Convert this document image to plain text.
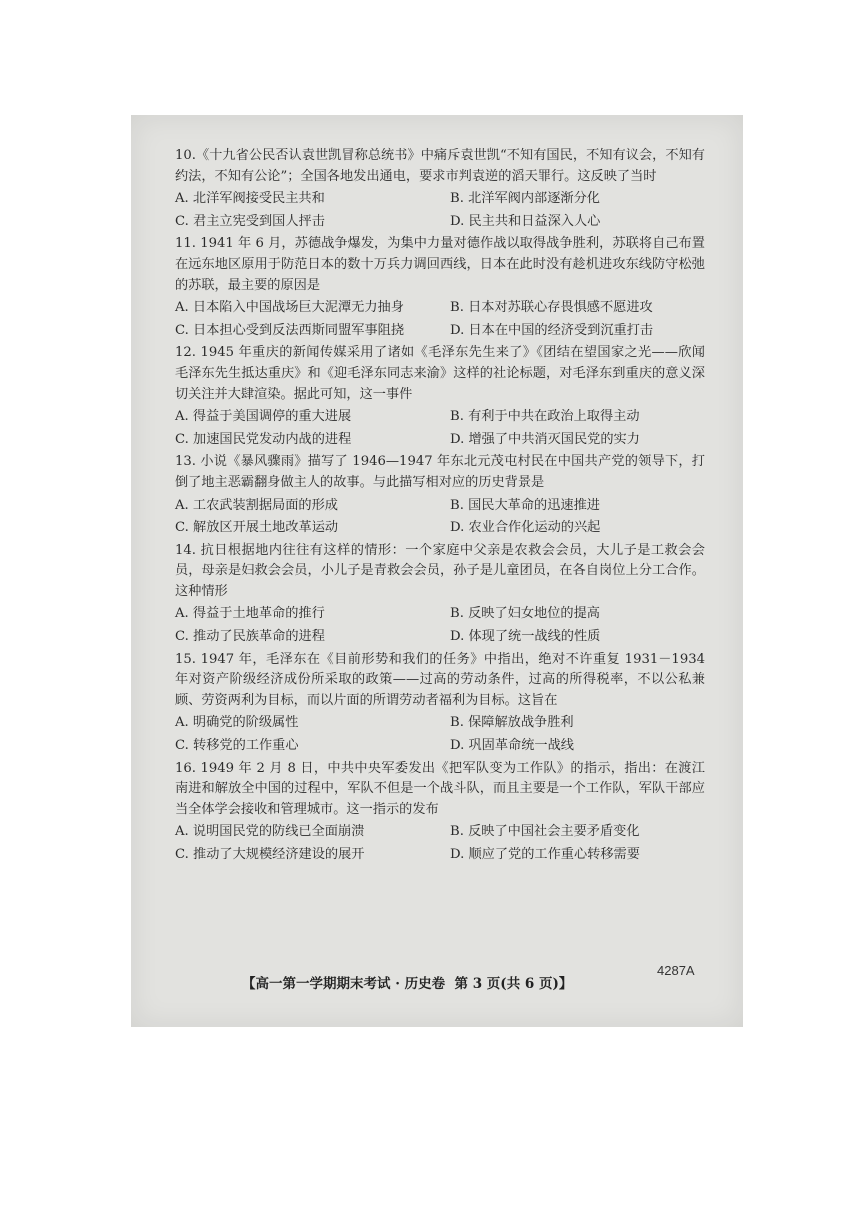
10.《十九省公民否认袁世凯冒称总统书》中痛斥袁世凯“不知有国民，不知有议会，不知有约法，不知有公论”；全国各地发出通电，要求市判袁逆的滔天罪行。这反映了当时
A. 北洋军阀接受民主共和	B. 北洋军阀内部逐渐分化
C. 君主立宪受到国人抨击	D. 民主共和日益深入人心
11. 1941 年 6 月，苏德战争爆发，为集中力量对德作战以取得战争胜利，苏联将自己布置在远东地区原用于防范日本的数十万兵力调回西线，日本在此时没有趁机进攻东线防守松弛的苏联，最主要的原因是
A. 日本陷入中国战场巨大泥潭无力抽身	B. 日本对苏联心存畏惧感不愿进攻
C. 日本担心受到反法西斯同盟军事阻挠	D. 日本在中国的经济受到沉重打击
12. 1945 年重庆的新闻传媒采用了诸如《毛泽东先生来了》《团结在望国家之光——欣闻毛泽东先生抵达重庆》和《迎毛泽东同志来渝》这样的社论标题，对毛泽东到重庆的意义深切关注并大肆渲染。据此可知，这一事件
A. 得益于美国调停的重大进展	B. 有利于中共在政治上取得主动
C. 加速国民党发动内战的进程	D. 增强了中共消灭国民党的实力
13. 小说《暴风骤雨》描写了 1946—1947 年东北元茂屯村民在中国共产党的领导下，打倒了地主恶霸翻身做主人的故事。与此描写相对应的历史背景是
A. 工农武装割据局面的形成	B. 国民大革命的迅速推进
C. 解放区开展土地改革运动	D. 农业合作化运动的兴起
14. 抗日根据地内往往有这样的情形：一个家庭中父亲是农救会会员，大儿子是工救会会员，母亲是妇救会会员，小儿子是青救会会员，孙子是儿童团员，在各自岗位上分工合作。这种情形
A. 得益于土地革命的推行	B. 反映了妇女地位的提高
C. 推动了民族革命的进程	D. 体现了统一战线的性质
15. 1947 年，毛泽东在《目前形势和我们的任务》中指出，绝对不许重复 1931－1934 年对资产阶级经济成份所采取的政策——过高的劳动条件，过高的所得税率，不以公私兼顾、劳资两利为目标，而以片面的所谓劳动者福利为目标。这旨在
A. 明确党的阶级属性	B. 保障解放战争胜利
C. 转移党的工作重心	D. 巩固革命统一战线
16. 1949 年 2 月 8 日，中共中央军委发出《把军队变为工作队》的指示，指出：在渡江南进和解放全中国的过程中，军队不但是一个战斗队，而且主要是一个工作队，军队干部应当全体学会接收和管理城市。这一指示的发布
A. 说明国民党的防线已全面崩溃	B. 反映了中国社会主要矛盾变化
C. 推动了大规模经济建设的展开	D. 顺应了党的工作重心转移需要
4287A
【高一第一学期期末考试 · 历史卷 第 3 页(共 6 页)】
